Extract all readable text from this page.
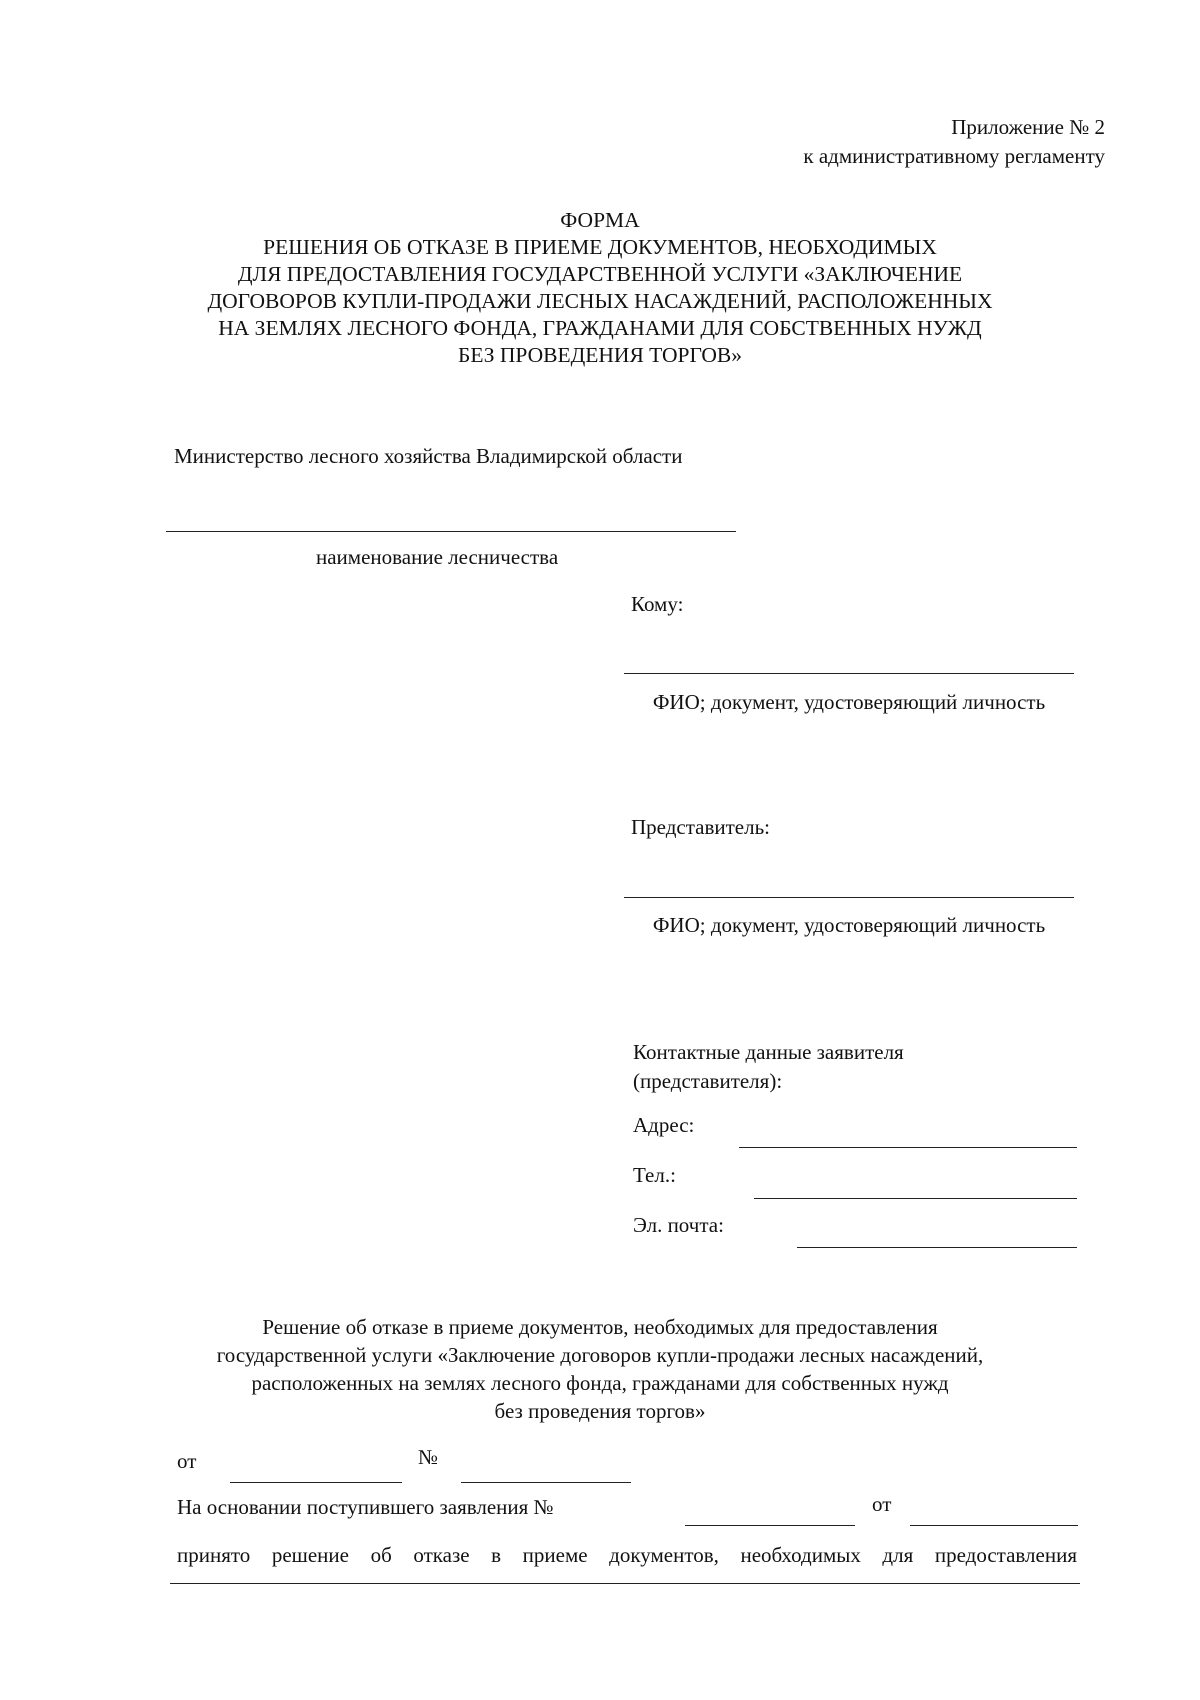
Приложение № 2
к административному регламенту
ФОРМА
РЕШЕНИЯ ОБ ОТКАЗЕ В ПРИЕМЕ ДОКУМЕНТОВ, НЕОБХОДИМЫХ
ДЛЯ ПРЕДОСТАВЛЕНИЯ ГОСУДАРСТВЕННОЙ УСЛУГИ «ЗАКЛЮЧЕНИЕ
ДОГОВОРОВ КУПЛИ-ПРОДАЖИ ЛЕСНЫХ НАСАЖДЕНИЙ, РАСПОЛОЖЕННЫХ
НА ЗЕМЛЯХ ЛЕСНОГО ФОНДА, ГРАЖДАНАМИ ДЛЯ СОБСТВЕННЫХ НУЖД
БЕЗ ПРОВЕДЕНИЯ ТОРГОВ»
Министерство лесного хозяйства Владимирской области
наименование лесничества
Кому:
ФИО; документ, удостоверяющий личность
Представитель:
ФИО; документ, удостоверяющий личность
Контактные данные заявителя
(представителя):
Адрес:
Тел.:
Эл. почта:
Решение об отказе в приеме документов, необходимых для предоставления
государственной услуги «Заключение договоров купли-продажи лесных насаждений,
расположенных на землях лесного фонда, гражданами для собственных нужд
без проведения торгов»
от	№
На основании поступившего заявления №	от
принято решение об отказе в приеме документов, необходимых для предоставления
